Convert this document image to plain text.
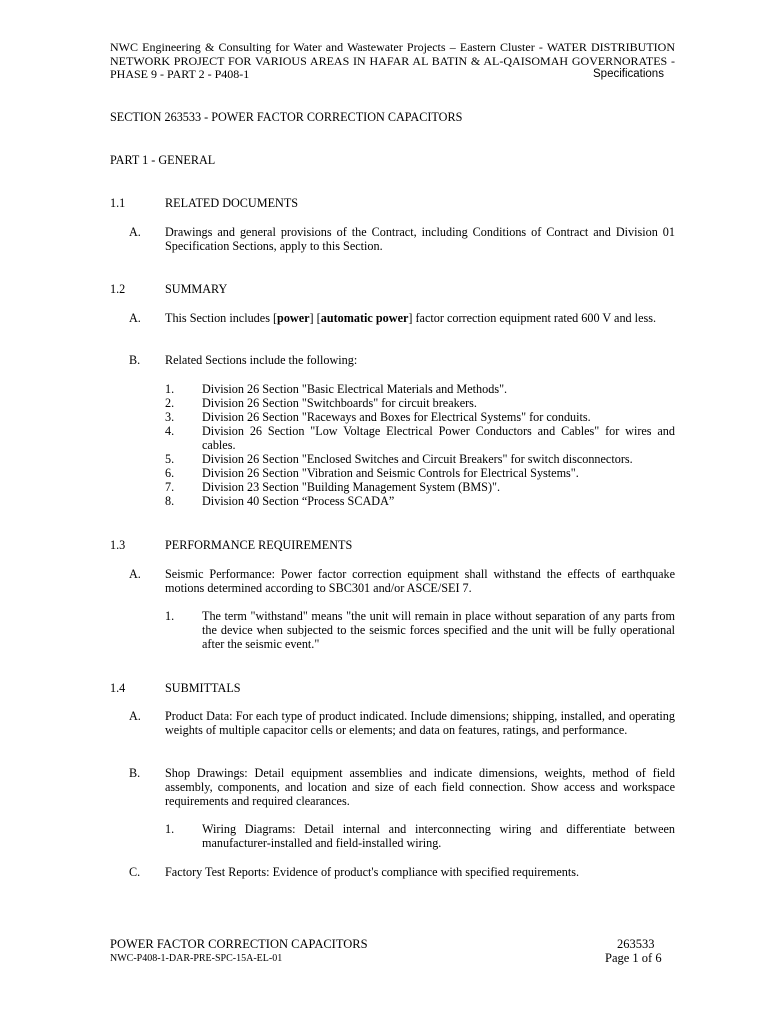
NWC Engineering & Consulting for Water and Wastewater Projects – Eastern Cluster - WATER DISTRIBUTION NETWORK PROJECT FOR VARIOUS AREAS IN HAFAR AL BATIN & AL-QAISOMAH GOVERNORATES - PHASE 9 - PART 2 - P408-1	Specifications
SECTION 263533 - POWER FACTOR CORRECTION CAPACITORS
PART 1 - GENERAL
1.1	RELATED DOCUMENTS
A. Drawings and general provisions of the Contract, including Conditions of Contract and Division 01 Specification Sections, apply to this Section.
1.2	SUMMARY
A. This Section includes [power] [automatic power] factor correction equipment rated 600 V and less.
B. Related Sections include the following:
1. Division 26 Section "Basic Electrical Materials and Methods".
2. Division 26 Section "Switchboards" for circuit breakers.
3. Division 26 Section "Raceways and Boxes for Electrical Systems" for conduits.
4. Division 26 Section "Low Voltage Electrical Power Conductors and Cables" for wires and cables.
5. Division 26 Section "Enclosed Switches and Circuit Breakers" for switch disconnectors.
6. Division 26 Section "Vibration and Seismic Controls for Electrical Systems".
7. Division 23 Section "Building Management System (BMS)".
8. Division 40 Section “Process SCADA”
1.3	PERFORMANCE REQUIREMENTS
A. Seismic Performance: Power factor correction equipment shall withstand the effects of earthquake motions determined according to SBC301 and/or ASCE/SEI 7.
1. The term "withstand" means "the unit will remain in place without separation of any parts from the device when subjected to the seismic forces specified and the unit will be fully operational after the seismic event."
1.4	SUBMITTALS
A. Product Data: For each type of product indicated. Include dimensions; shipping, installed, and operating weights of multiple capacitor cells or elements; and data on features, ratings, and performance.
B. Shop Drawings: Detail equipment assemblies and indicate dimensions, weights, method of field assembly, components, and location and size of each field connection. Show access and workspace requirements and required clearances.
1. Wiring Diagrams: Detail internal and interconnecting wiring and differentiate between manufacturer-installed and field-installed wiring.
C. Factory Test Reports: Evidence of product's compliance with specified requirements.
POWER FACTOR CORRECTION CAPACITORS
NWC-P408-1-DAR-PRE-SPC-15A-EL-01
263533
Page 1 of 6
